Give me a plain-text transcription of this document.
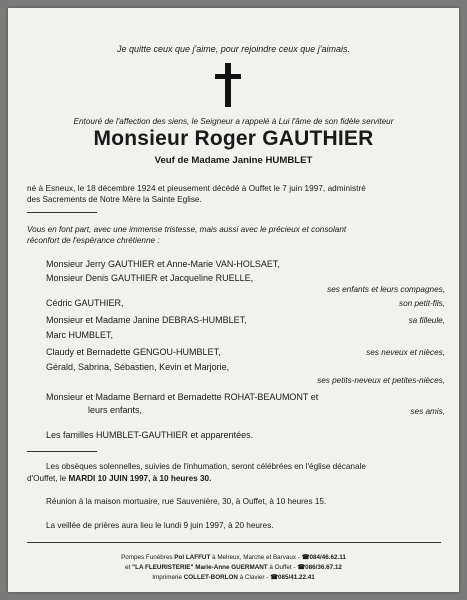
Je quitte ceux que j'aime, pour rejoindre ceux que j'aimais.
Entouré de l'affection des siens, le Seigneur a rappelé à Lui l'âme de son fidèle serviteur
Monsieur Roger GAUTHIER
Veuf de Madame Janine HUMBLET
né à Esneux, le 18 décembre 1924 et pieusement décédé à Ouffet le 7 juin 1997, administré
des Sacrements de Notre Mère la Sainte Eglise.
Vous en font part, avec une immense tristesse, mais aussi avec le précieux et consolant
réconfort de l'espérance chrétienne :
Monsieur Jerry GAUTHIER et Anne-Marie VAN-HOLSAET,
Monsieur Denis GAUTHIER et Jacqueline RUELLE,
ses enfants et leurs compagnes,
Cédric GAUTHIER,	son petit-fils,
Monsieur et Madame Janine DEBRAS-HUMBLET,	sa filleule,
Marc HUMBLET,
Claudy et Bernadette GENGOU-HUMBLET,	ses neveux et nièces,
Gérald, Sabrina, Sébastien, Kevin et Marjorie,
ses petits-neveux et petites-nièces,
Monsieur et Madame Bernard et Bernadette ROHAT-BEAUMONT et
leurs enfants,	ses amis,
Les familles HUMBLET-GAUTHIER et apparentées.
Les obsèques solennelles, suivies de l'inhumation, seront célébrées en l'église décanale
d'Ouffet, le MARDI 10 JUIN 1997, à 10 heures 30.
Réunion à la maison mortuaire, rue Sauvenière, 30, à Ouffet, à 10 heures 15.
La veillée de prières aura lieu le lundi 9 juin 1997, à 20 heures.
Pompes Funèbres Pol LAFFUT à Melreux, Marche et Barvaux - ☎084/46.62.11
et "LA FLEURISTERIE" Marie-Anne GUERMANT à Ouffet - ☎086/36.67.12
Imprimerie COLLET-BORLON à Clavier - ☎085/41.22.41
